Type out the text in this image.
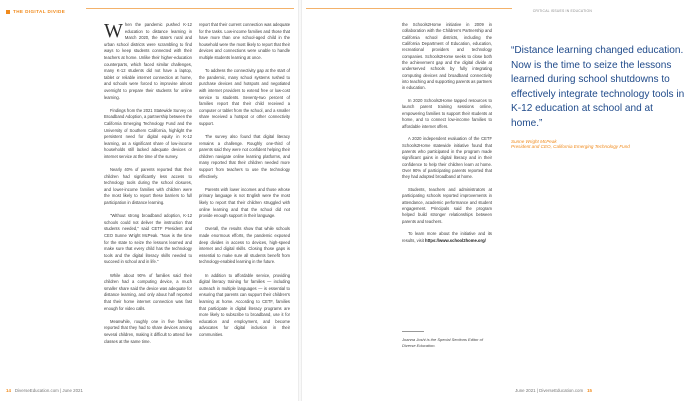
THE DIGITAL DIVIDE

When the pandemic pushed K-12 education to distance learning in March 2020, the state's rural and urban school districts were scrambling to find ways to keep students connected with their teachers at home. Unlike their higher-education counterparts, which faced similar challenges, many K-12 students did not have a laptop, tablet or reliable internet connection at home, and schools were forced to improvise almost overnight to prepare their students for online learning.

Findings from the 2021 Statewide Survey on Broadband Adoption, a partnership between the California Emerging Technology Fund and the University of Southern California, highlight the persistent need for digital equity in K-12 learning, as a significant share of low-income households still lacked adequate devices or internet service at the time of the survey.

Nearly 40% of parents reported that their children had significantly less access to technology tools during the school closures, and lower-income families with children were the most likely to report these barriers to full participation in distance learning.

"Without strong broadband adoption, K-12 schools could not deliver the instruction that students needed," said CETF President and CEO Sunne Wright McPeak. "Now is the time for the state to seize the lessons learned and make sure that every child has the technology tools and the digital literacy skills needed to succeed in school and in life."

While about 90% of families said their children had a computing device, a much smaller share said the device was adequate for distance learning, and only about half reported that their home internet connection was fast enough for video calls.

Meanwhile, roughly one in five families reported that they had to share devices among several children, making it difficult to attend live classes at the same time.

report that their current connection was adequate for the tasks. Low-income families and those that have more than one school-aged child in the household were the most likely to report that their devices and connections were unable to handle multiple students learning at once.

To address the connectivity gap at the start of the pandemic, many school systems rushed to purchase devices and hotspots and negotiated with internet providers to extend free or low-cost service to students. Seventy-two percent of families report that their child received a computer or tablet from the school, and a smaller share received a hotspot or other connectivity support.

The survey also found that digital literacy remains a challenge. Roughly one-third of parents said they were not confident helping their children navigate online learning platforms, and many reported that their children needed more support from teachers to use the technology effectively.

Parents with lower incomes and those whose primary language is not English were the most likely to report that their children struggled with online learning and that the school did not provide enough support in their language.

Overall, the results show that while schools made enormous efforts, the pandemic exposed deep divides in access to devices, high-speed internet and digital skills. Closing those gaps is essential to make sure all students benefit from technology-enabled learning in the future.

In addition to affordable service, providing digital literacy training for families — including outreach in multiple languages — is essential to ensuring that parents can support their children's learning at home. According to CETF, families that participate in digital literacy programs are more likely to subscribe to broadband, use it for education and employment, and become advocates for digital inclusion in their communities.

14 DiverseEducation.com | June 2021
CRITICAL ISSUES IN EDUCATION

the Schools2Home initiative in 2009 in collaboration with the Children's Partnership and California school districts, including the California Department of Education, education, recreational providers and technology companies. Schools2Home seeks to close both the achievement gap and the digital divide at underserved schools by fully integrating computing devices and broadband connectivity into teaching and supporting parents as partners in education.

In 2020 Schools2Home tapped resources to launch parent training sessions online, empowering families to support their students at home, and to connect low-income families to affordable internet offers.

A 2020 independent evaluation of the CETF Schools2Home statewide initiative found that parents who participated in the program made significant gains in digital literacy and in their confidence to help their children learn at home. Over 90% of participating parents reported that they had adopted broadband at home.

Students, teachers and administrators at participating schools reported improvements in attendance, academic performance and student engagement. Principals said the program helped build stronger relationships between parents and teachers.

To learn more about the initiative and its results, visit https://www.school2home.org/

Joanna Joshi is the Special Sections Editor of Diverse Education.
“Distance learning changed education. Now is the time to seize the lessons learned during school shutdowns to effectively integrate technology tools in K-12 education at school and at home.”
Sunne Wright McPeak
President and CEO, California Emerging Technology Fund
June 2021 | DiverseEducation.com 15
